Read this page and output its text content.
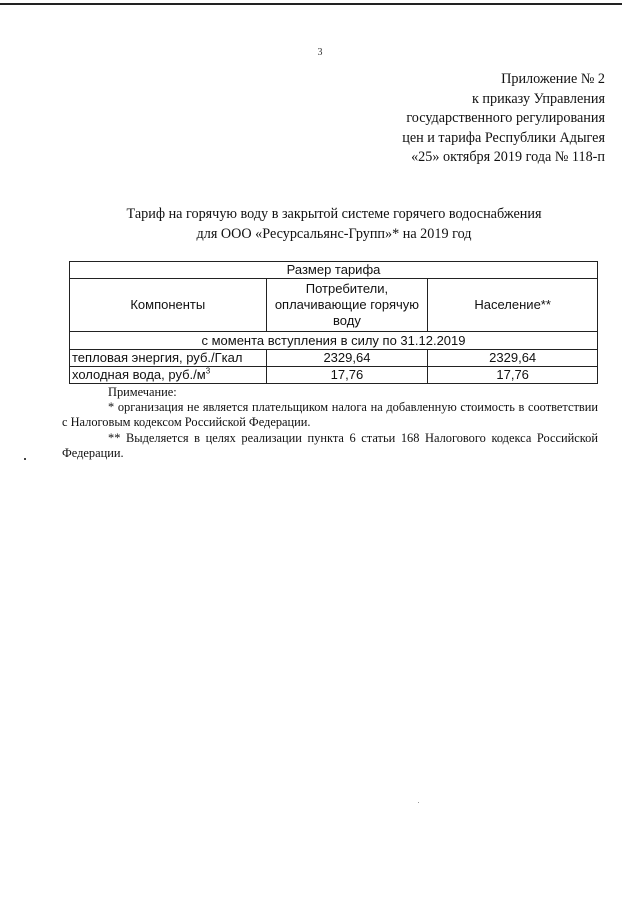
3
Приложение № 2
к приказу Управления
государственного регулирования
цен и тарифа Республики Адыгея
«25» октября 2019 года № 118-п
Тариф на горячую воду в закрытой системе горячего водоснабжения
для ООО «Ресурсальянс-Групп»* на 2019 год
Размер тарифа		
Компоненты	Потребители, оплачивающие горячую воду	Население**
с момента вступления в силу по 31.12.2019		
тепловая энергия, руб./Гкал	2329,64	2329,64
холодная вода, $руб./м^3$	17,76	17,76
Примечание:
* организация не является плательщиком налога на добавленную стоимость в соответствии с Налоговым кодексом Российской Федерации.
** Выделяется в целях реализации пункта 6 статьи 168 Налогового кодекса Российской Федерации.
